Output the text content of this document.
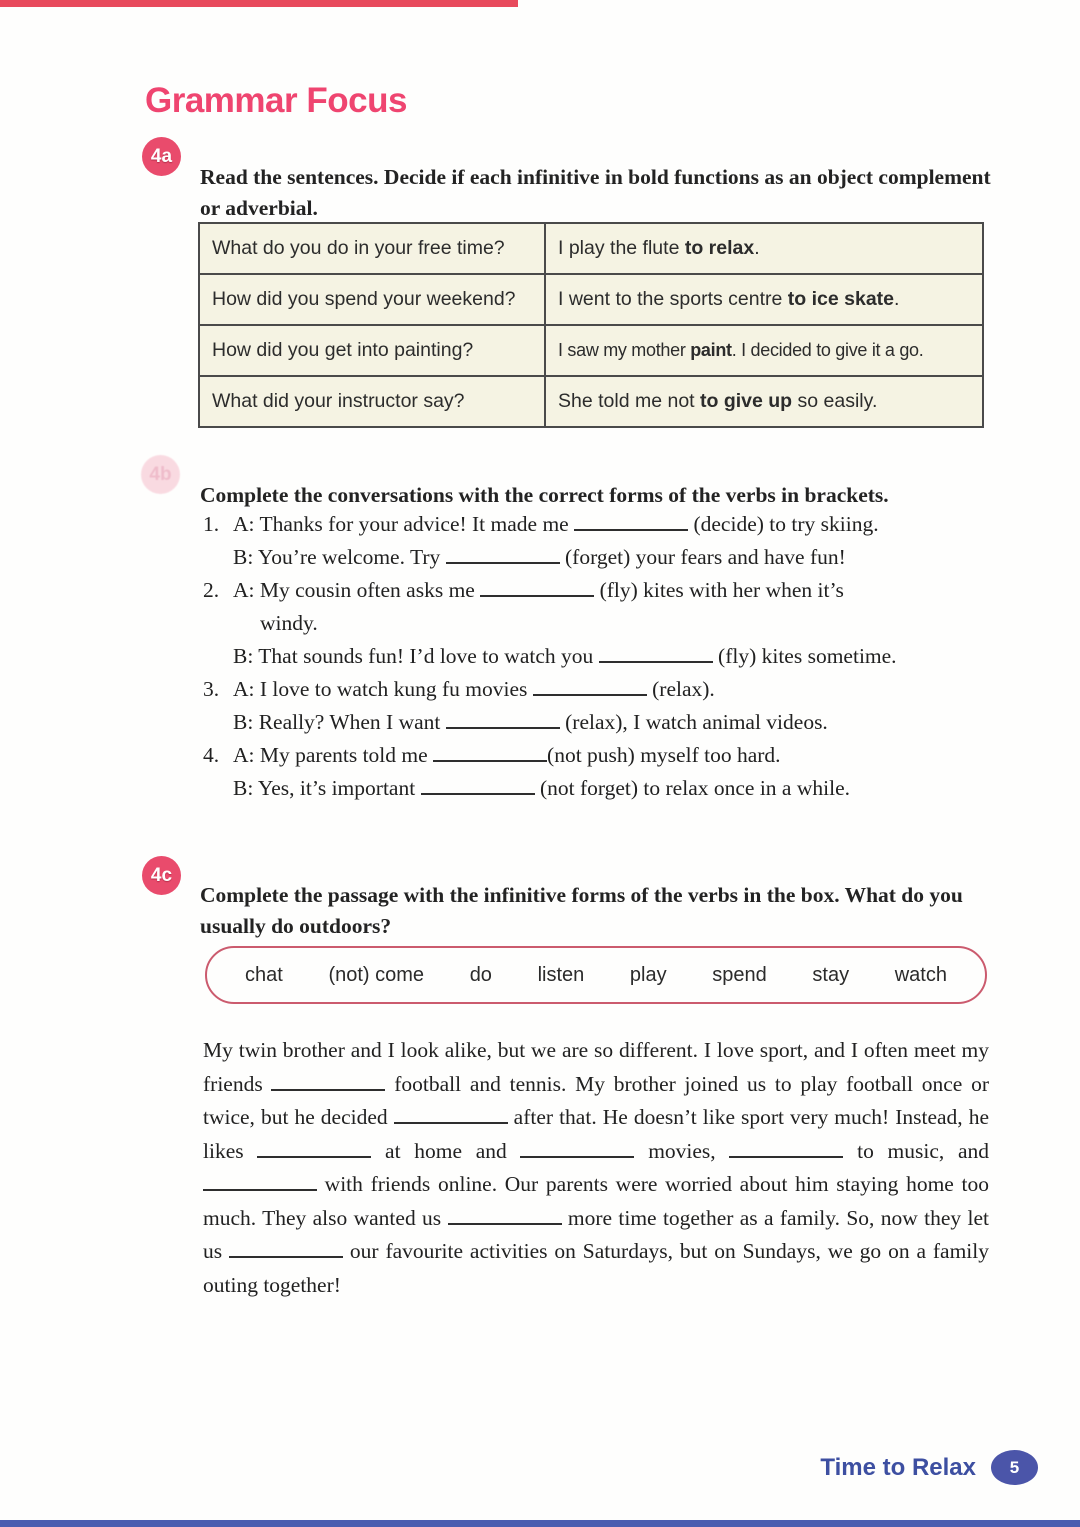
Grammar Focus
4a

Read the sentences. Decide if each infinitive in bold functions as an object complement or adverbial.

What do you do in your free time?	I play the flute to relax.
How did you spend your weekend?	I went to the sports centre to ice skate.
How did you get into painting?	I saw my mother paint. I decided to give it a go.
What did your instructor say?	She told me not to give up so easily.
4b

Complete the conversations with the correct forms of the verbs in brackets.

1. A: Thanks for your advice! It made me	(decide) to try skiing.

B: You’re welcome. Try	(forget) your fears and have fun!

2. A: My cousin often asks me	(fly) kites with her when it’s

windy.

B: That sounds fun! I’d love to watch you	(fly) kites sometime.

3. A: I love to watch kung fu movies	(relax).

B: Really? When I want	(relax), I watch animal videos.

4. A: My parents told me	(not push) myself too hard.

B: Yes, it’s important	(not forget) to relax once in a while.

4c

Complete the passage with the infinitive forms of the verbs in the box. What do you usually do outdoors?

chat (not) come do listen play spend stay watch

My twin brother and I look alike, but we are so different. I love sport, and I often meet my friends	football and tennis. My brother joined us to play football once or twice, but he decided	after that. He doesn’t like sport very much! Instead, he likes	at home and	movies,	to music, and  with friends online. Our parents were worried about him staying home too much. They also wanted us	more time together as a family. So, now they let us	our favourite activities on Saturdays, but on Sundays, we go on a family outing together!

Time to Relax	5
